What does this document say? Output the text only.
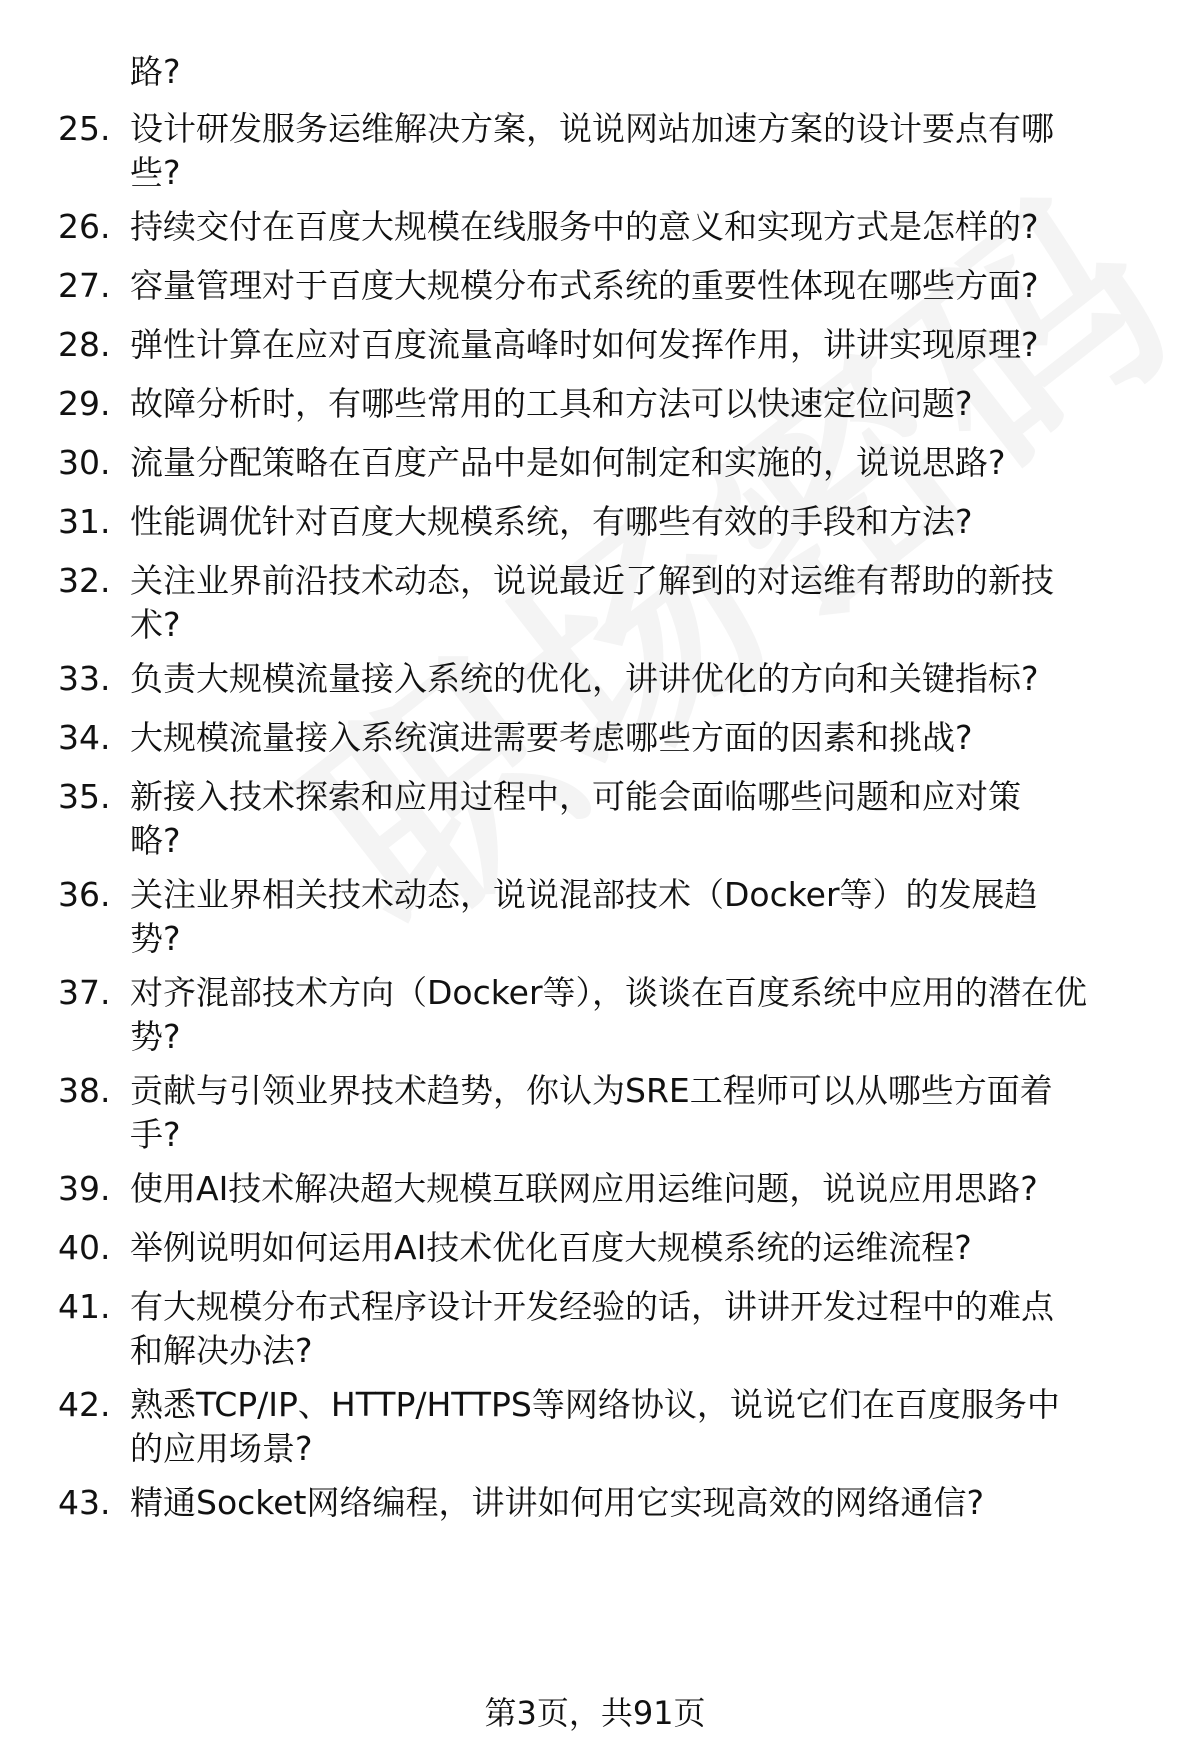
路?
25. 设计研发服务运维解决方案，说说网站加速方案的设计要点有哪
些?
26. 持续交付在百度大规模在线服务中的意义和实现方式是怎样的?
27. 容量管理对于百度大规模分布式系统的重要性体现在哪些方面?
28. 弹性计算在应对百度流量高峰时如何发挥作用，讲讲实现原理?
29. 故障分析时，有哪些常用的工具和方法可以快速定位问题?
30. 流量分配策略在百度产品中是如何制定和实施的，说说思路?
31. 性能调优针对百度大规模系统，有哪些有效的手段和方法?
32. 关注业界前沿技术动态，说说最近了解到的对运维有帮助的新技
术?
33. 负责大规模流量接入系统的优化，讲讲优化的方向和关键指标?
34. 大规模流量接入系统演进需要考虑哪些方面的因素和挑战?
35. 新接入技术探索和应用过程中，可能会面临哪些问题和应对策
略?
36. 关注业界相关技术动态，说说混部技术（Docker等）的发展趋
势?
37. 对齐混部技术方向（Docker等），谈谈在百度系统中应用的潜在优
势?
38. 贡献与引领业界技术趋势，你认为SRE工程师可以从哪些方面着
手?
39. 使用AI技术解决超大规模互联网应用运维问题，说说应用思路?
40. 举例说明如何运用AI技术优化百度大规模系统的运维流程?
41. 有大规模分布式程序设计开发经验的话，讲讲开发过程中的难点
和解决办法?
42. 熟悉TCP/IP、HTTP/HTTPS等网络协议，说说它们在百度服务中
的应用场景?
43. 精通Socket网络编程，讲讲如何用它实现高效的网络通信?
第3页，共91页
